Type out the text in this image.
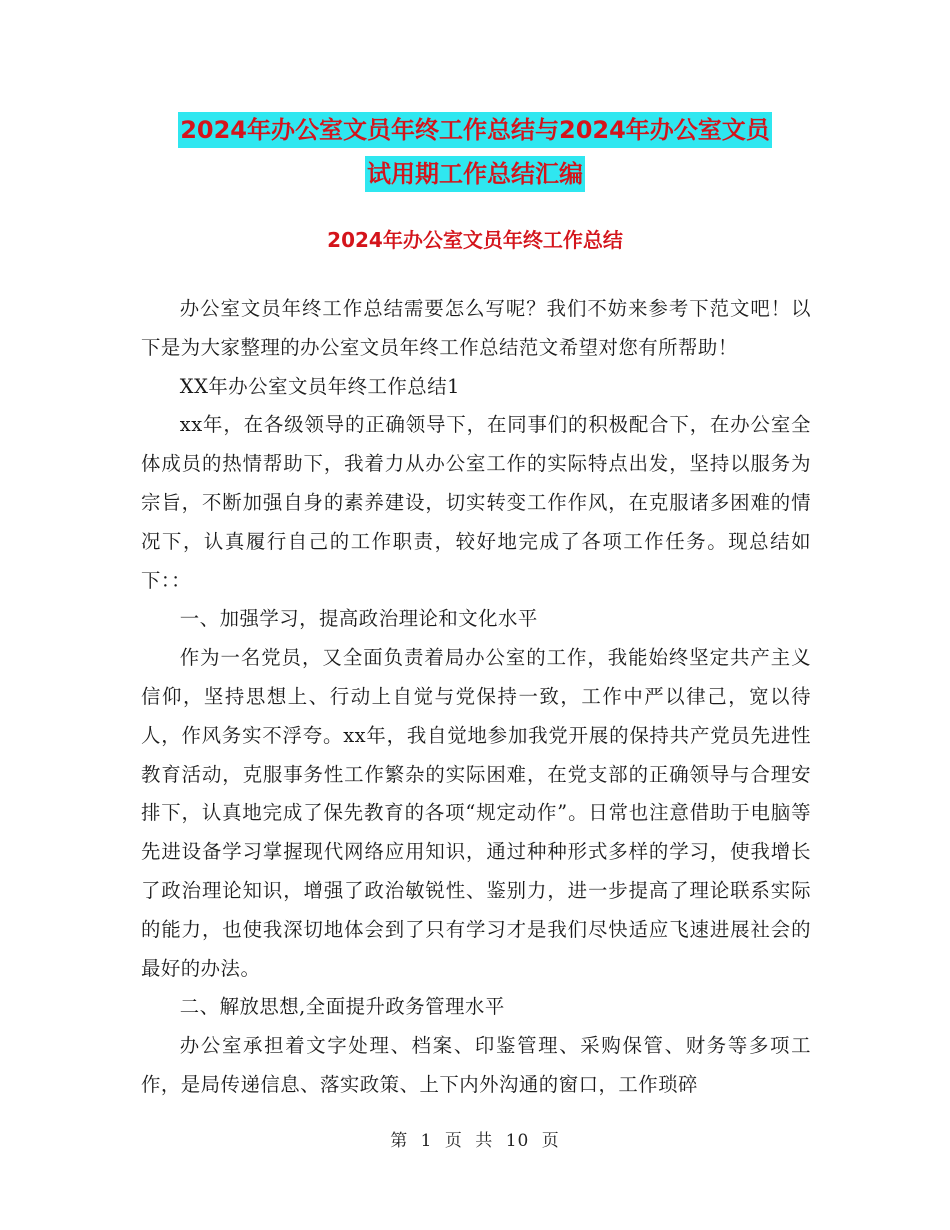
2024年办公室文员年终工作总结与2024年办公室文员
试用期工作总结汇编
2024年办公室文员年终工作总结

办公室文员年终工作总结需要怎么写呢？我们不妨来参考下范文吧！以下是为大家整理的办公室文员年终工作总结范文希望对您有所帮助！

XX年办公室文员年终工作总结1

xx年，在各级领导的正确领导下，在同事们的积极配合下，在办公室全体成员的热情帮助下，我着力从办公室工作的实际特点出发，坚持以服务为宗旨，不断加强自身的素养建设，切实转变工作作风，在克服诸多困难的情况下，认真履行自己的工作职责，较好地完成了各项工作任务。现总结如下：：

一、加强学习，提高政治理论和文化水平

作为一名党员，又全面负责着局办公室的工作，我能始终坚定共产主义信仰，坚持思想上、行动上自觉与党保持一致，工作中严以律己，宽以待人，作风务实不浮夸。xx年，我自觉地参加我党开展的保持共产党员先进性教育活动，克服事务性工作繁杂的实际困难，在党支部的正确领导与合理安排下，认真地完成了保先教育的各项“规定动作”。日常也注意借助于电脑等先进设备学习掌握现代网络应用知识，通过种种形式多样的学习，使我增长了政治理论知识，增强了政治敏锐性、鉴别力，进一步提高了理论联系实际的能力，也使我深切地体会到了只有学习才是我们尽快适应飞速进展社会的最好的办法。

二、解放思想,全面提升政务管理水平

办公室承担着文字处理、档案、印鉴管理、采购保管、财务等多项工作，是局传递信息、落实政策、上下内外沟通的窗口，工作琐碎

第 1 页 共 10 页
